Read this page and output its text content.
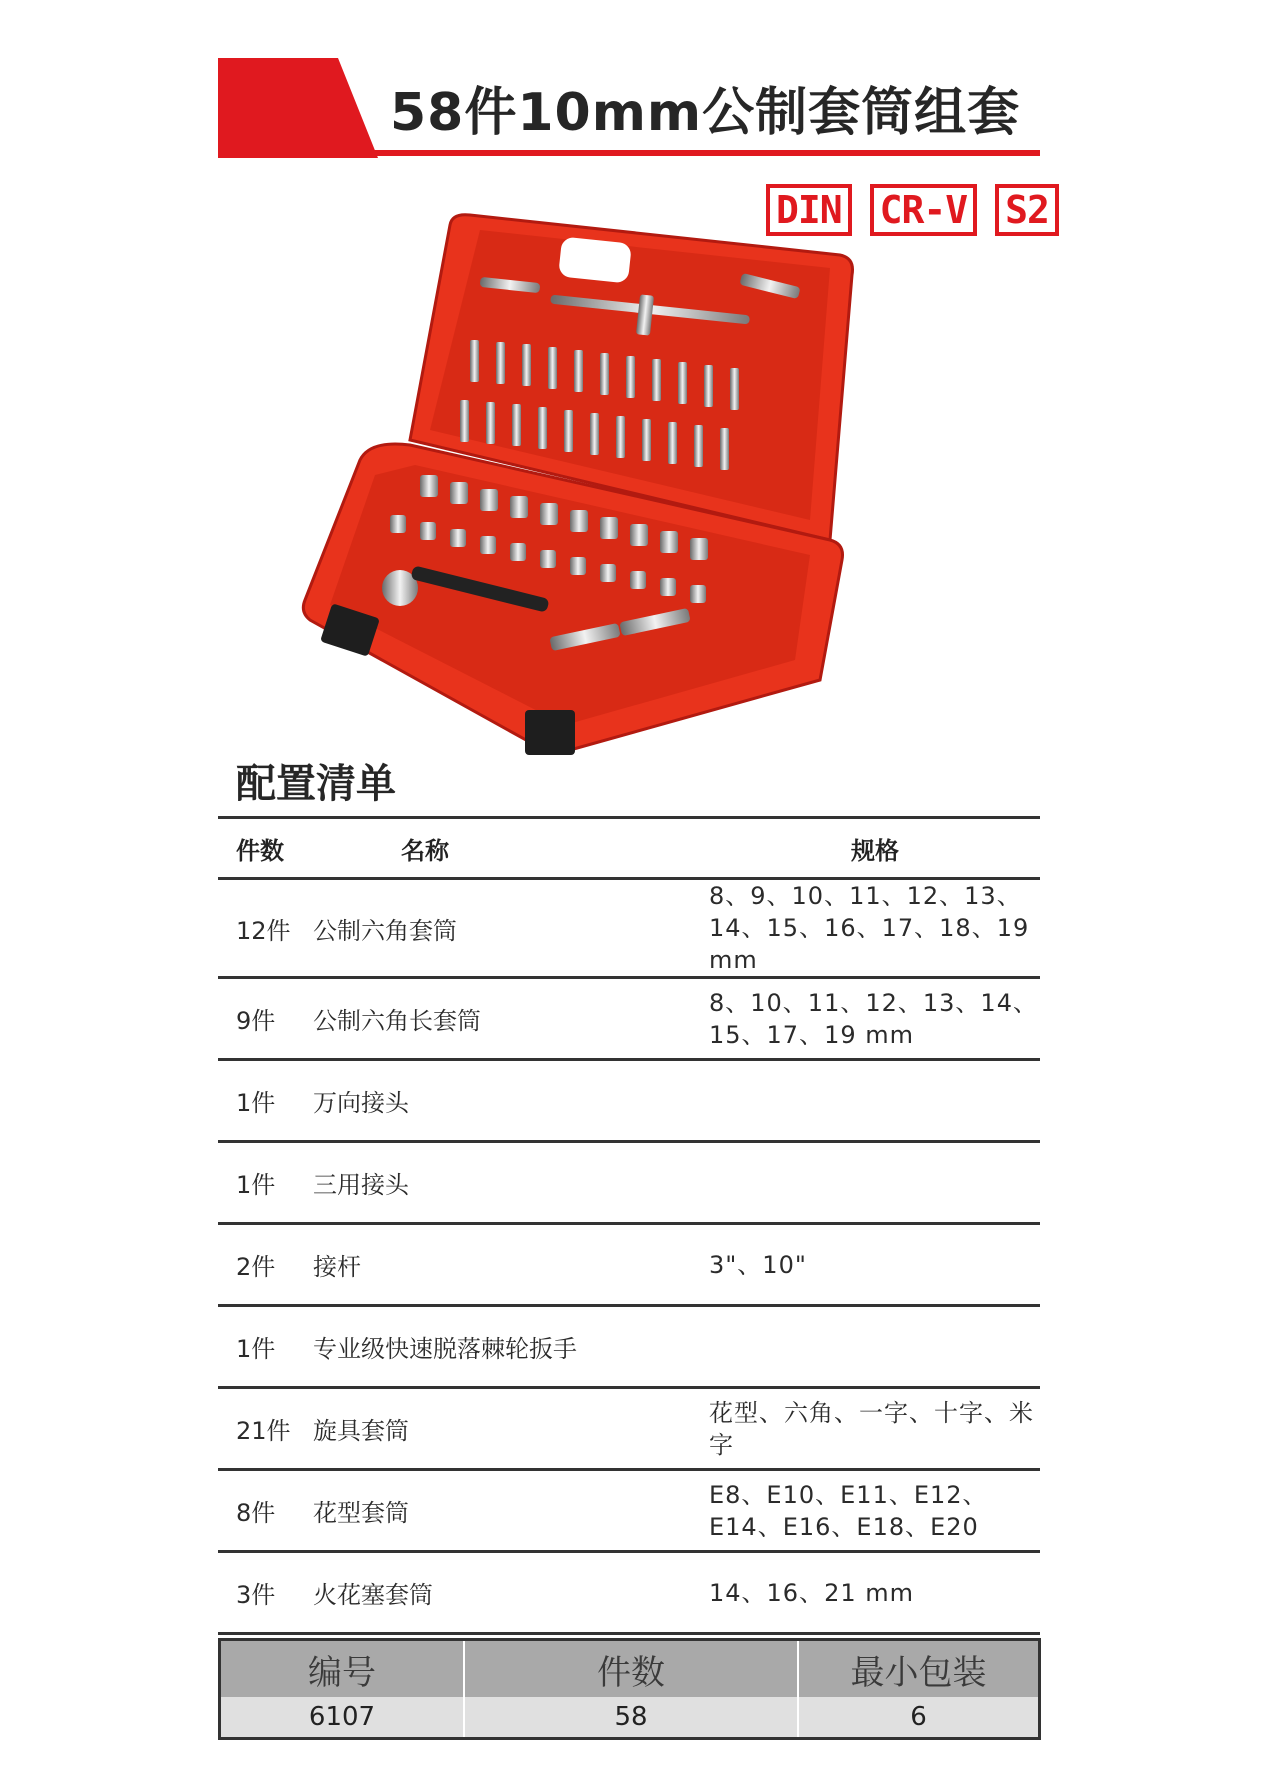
58件10mm公制套筒组套
DIN CR-V S2
配置清单
件数	名称	规格
12件	公制六角套筒	8、9、10、11、12、13、14、15、16、17、18、19 mm
9件	公制六角长套筒	8、10、11、12、13、14、15、17、19 mm
1件	万向接头	
1件	三用接头	
2件	接杆	3"、10"
1件	专业级快速脱落棘轮扳手	
21件	旋具套筒	花型、六角、一字、十字、米字
8件	花型套筒	E8、E10、E11、E12、E14、E16、E18、E20
3件	火花塞套筒	14、16、21 mm
编号	件数	最小包装
6107	58	6
